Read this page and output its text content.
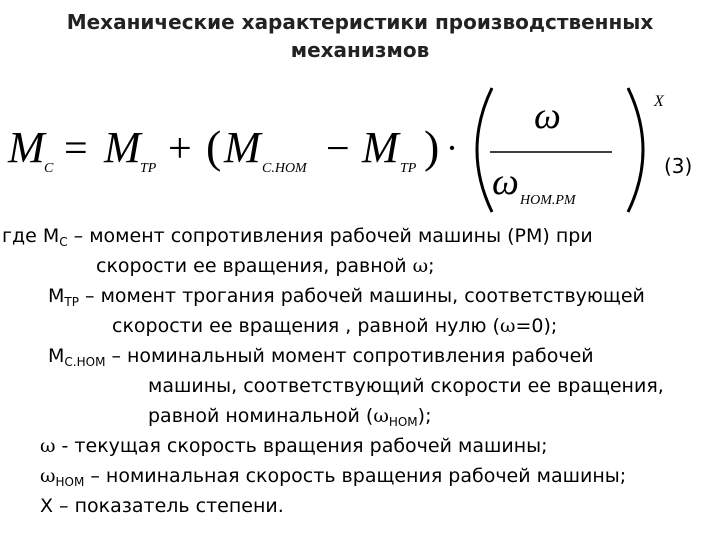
Механические характеристики производственных
механизмов
M C = M TP + ( M C.HOM − M TP ) ·
ω
ω HOM.PM
X
(3)
где $M_C$ – момент сопротивления рабочей машины (РМ) при
скорости ее вращения, равной ω;
$M_{TP}$ – момент трогания рабочей машины, соответствующей
скорости ее вращения , равной нулю (ω=0);
$M_{C.HOM}$ – номинальный момент сопротивления рабочей
машины, соответствующий скорости ее вращения,
равной номинальной $(\omega_{HOM})$;
ω - текущая скорость вращения рабочей машины;
$\omega_{HOM}$ – номинальная скорость вращения рабочей машины;
X – показатель степени.
